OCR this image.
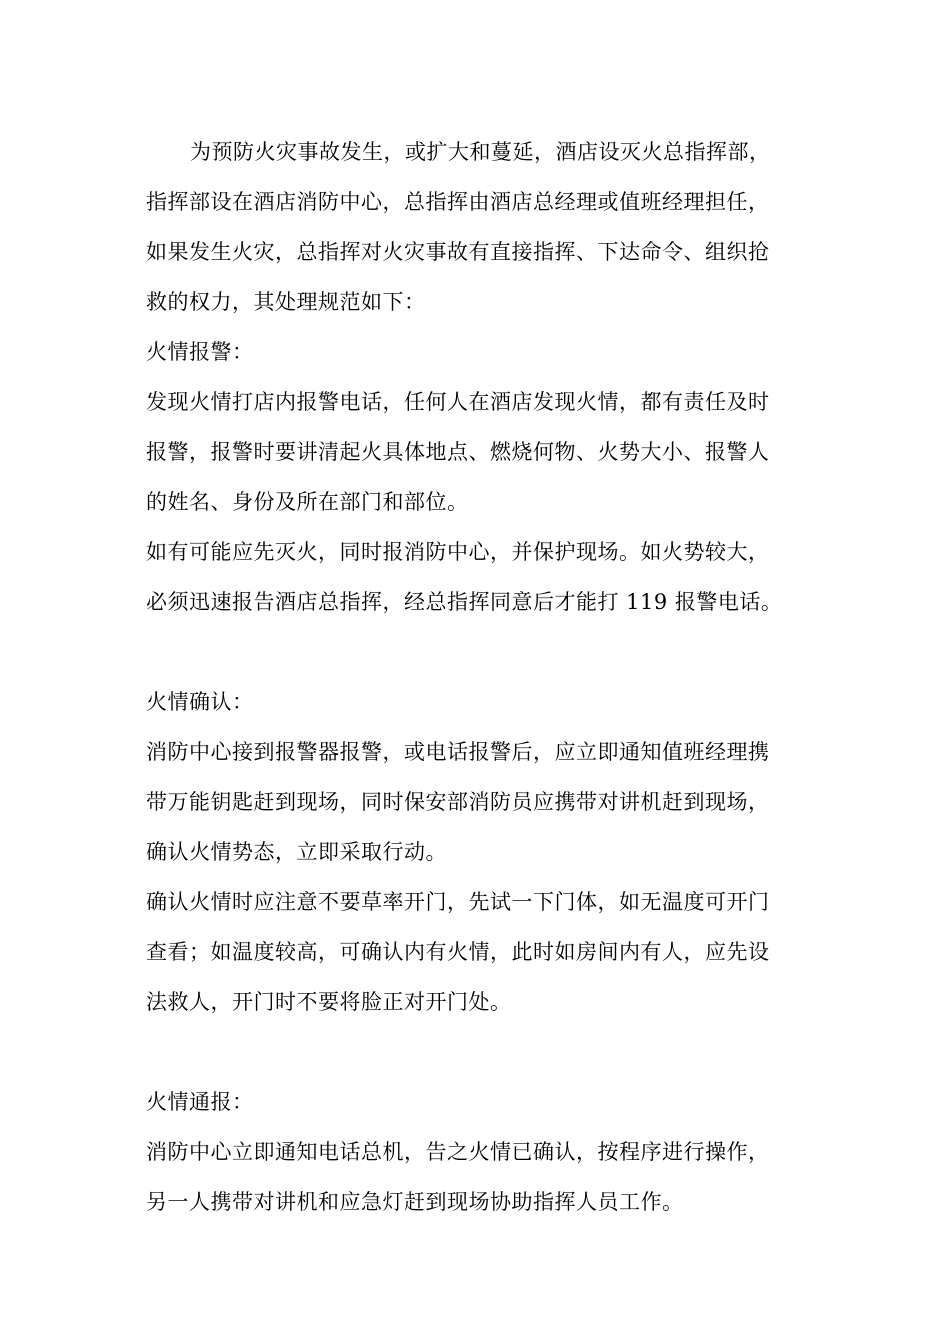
为预防火灾事故发生，或扩大和蔓延，酒店设灭火总指挥部，
指挥部设在酒店消防中心，总指挥由酒店总经理或值班经理担任，
如果发生火灾，总指挥对火灾事故有直接指挥、下达命令、组织抢
救的权力，其处理规范如下：
火情报警：
发现火情打店内报警电话，任何人在酒店发现火情，都有责任及时
报警，报警时要讲清起火具体地点、燃烧何物、火势大小、报警人
的姓名、身份及所在部门和部位。
如有可能应先灭火，同时报消防中心，并保护现场。如火势较大，
必须迅速报告酒店总指挥，经总指挥同意后才能打 119 报警电话。
火情确认：
消防中心接到报警器报警，或电话报警后，应立即通知值班经理携
带万能钥匙赶到现场，同时保安部消防员应携带对讲机赶到现场，
确认火情势态，立即采取行动。
确认火情时应注意不要草率开门，先试一下门体，如无温度可开门
查看；如温度较高，可确认内有火情，此时如房间内有人，应先设
法救人，开门时不要将脸正对开门处。
火情通报：
消防中心立即通知电话总机，告之火情已确认，按程序进行操作，
另一人携带对讲机和应急灯赶到现场协助指挥人员工作。
